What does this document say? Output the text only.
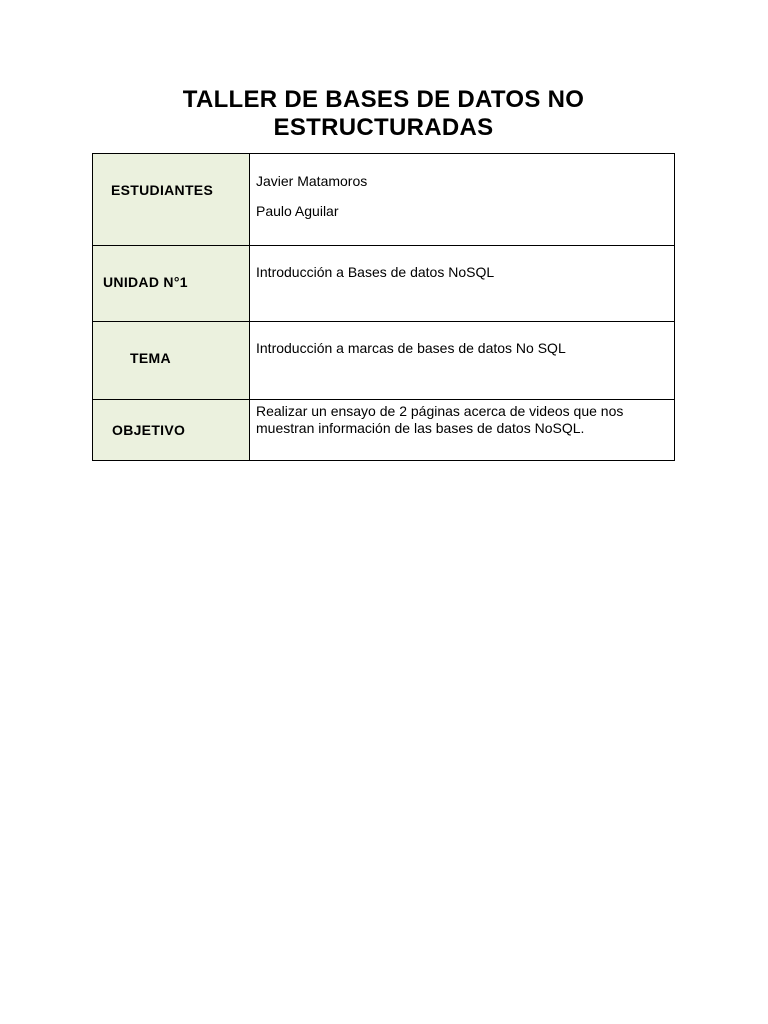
TALLER DE BASES DE DATOS NO ESTRUCTURADAS
ESTUDIANTES	Javier Matamoros
Paulo Aguilar

UNIDAD N°1	Introducción a Bases de datos NoSQL

TEMA	Introducción a marcas de bases de datos No SQL

OBJETIVO	Realizar un ensayo de 2 páginas acerca de videos que nos muestran información de las bases de datos NoSQL.
